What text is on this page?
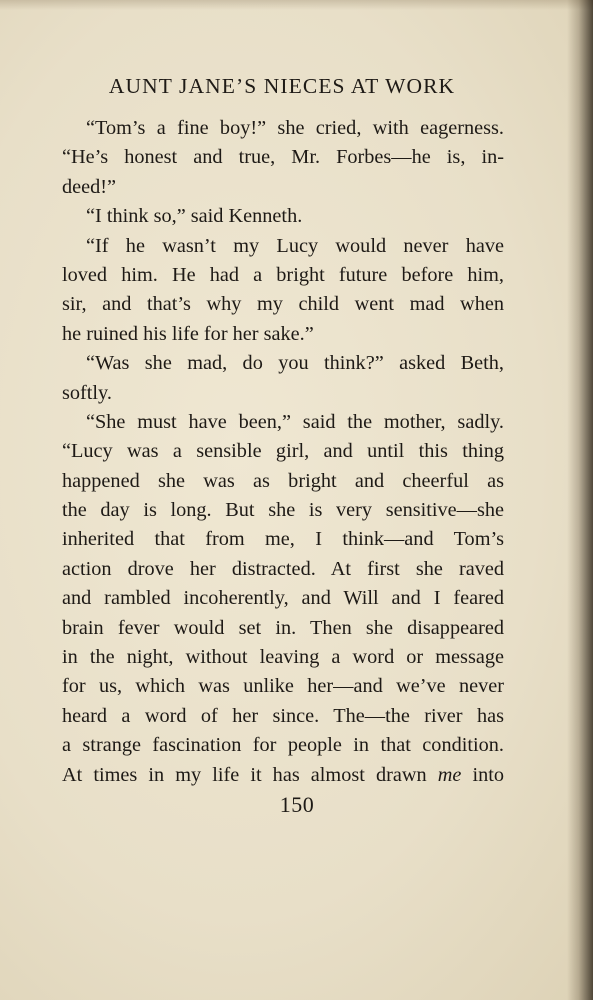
AUNT JANE’S NIECES AT WORK
“Tom’s a fine boy!” she cried, with eagerness.
“He’s honest and true, Mr. Forbes—he is, in-
deed!”
“I think so,” said Kenneth.
“If he wasn’t my Lucy would never have
loved him. He had a bright future before him,
sir, and that’s why my child went mad when
he ruined his life for her sake.”
“Was she mad, do you think?” asked Beth,
softly.
“She must have been,” said the mother, sadly.
“Lucy was a sensible girl, and until this thing
happened she was as bright and cheerful as
the day is long. But she is very sensitive—she
inherited that from me, I think—and Tom’s
action drove her distracted. At first she raved
and rambled incoherently, and Will and I feared
brain fever would set in. Then she disappeared
in the night, without leaving a word or message
for us, which was unlike her—and we’ve never
heard a word of her since. The—the river has
a strange fascination for people in that condition.
At times in my life it has almost drawn me into
150
